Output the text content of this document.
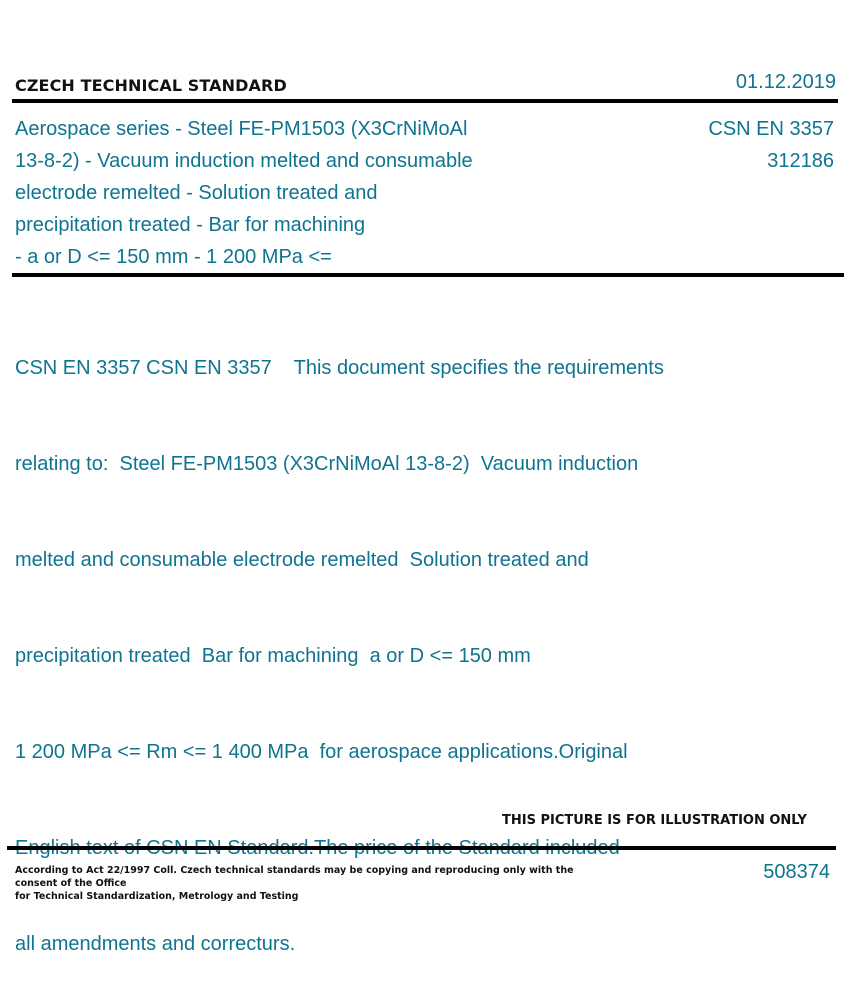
CZECH TECHNICAL STANDARD	01.12.2019
Aerospace series - Steel FE-PM1503 (X3CrNiMoAl
13-8-2) - Vacuum induction melted and consumable
electrode remelted - Solution treated and
precipitation treated - Bar for machining
- a or D <= 150 mm - 1 200 MPa <=
CSN EN 3357
312186

CSN EN 3357 CSN EN 3357    This document specifies the requirements

relating to:  Steel FE-PM1503 (X3CrNiMoAl 13-8-2)  Vacuum induction

melted and consumable electrode remelted  Solution treated and

precipitation treated  Bar for machining  a or D <= 150 mm

1 200 MPa <= Rm <= 1 400 MPa  for aerospace applications.Original

all amendments and correcturs.

THIS PICTURE IS FOR ILLUSTRATION ONLY
According to Act 22/1997 Coll. Czech technical standards may be copying and reproducing only with the consent of the Office
for Technical Standardization, Metrology and Testing
508374
